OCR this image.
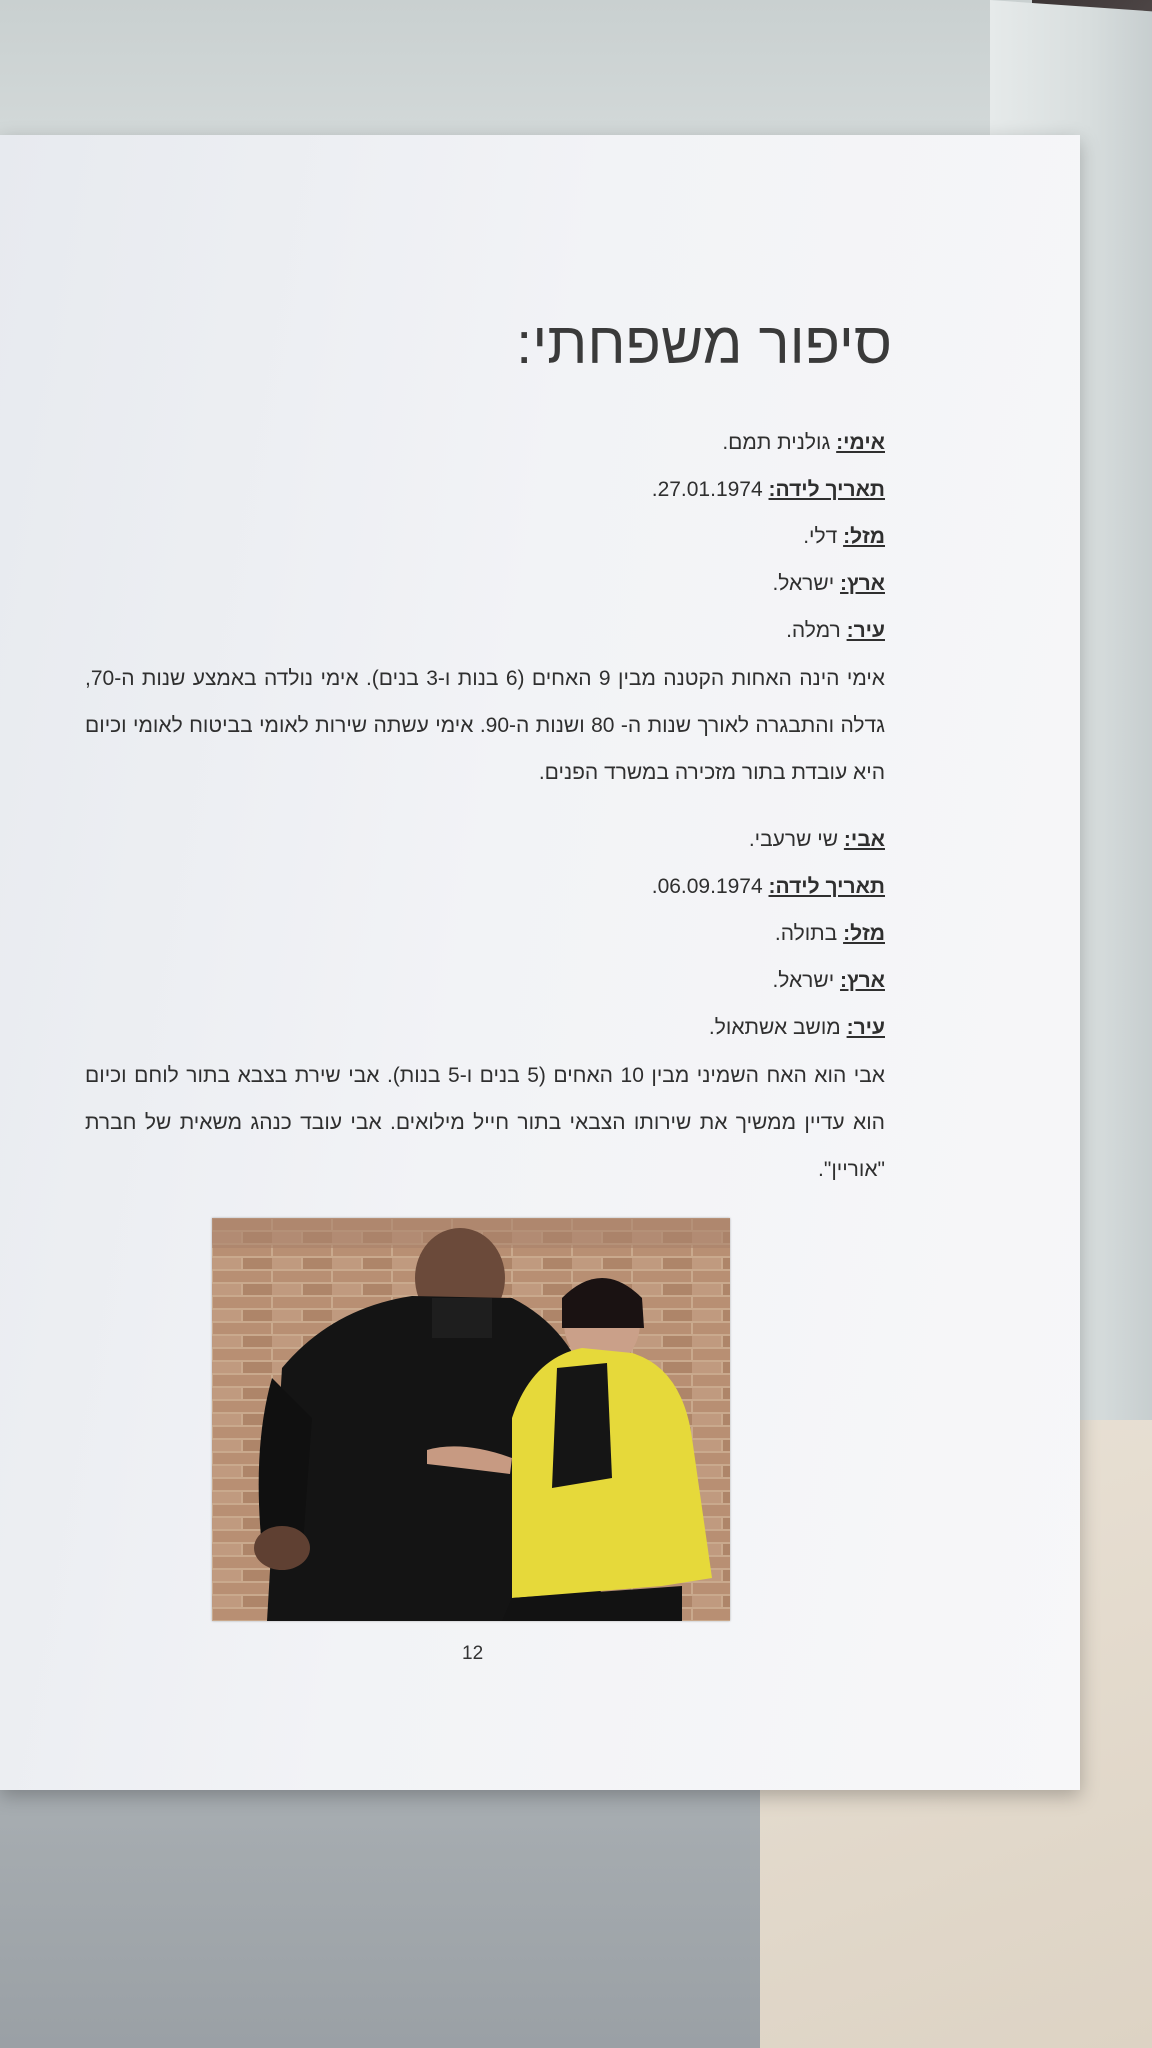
סיפור משפחתי:

אימי: גולנית תמם.

תאריך לידה: 27.01.1974.

מזל: דלי.

ארץ: ישראל.

עיר: רמלה.

אימי הינה האחות הקטנה מבין 9 האחים (6 בנות ו-3 בנים). אימי נולדה באמצע שנות ה-70, גדלה והתבגרה לאורך שנות ה- 80 ושנות ה-90. אימי עשתה שירות לאומי בביטוח לאומי וכיום היא עובדת בתור מזכירה במשרד הפנים.

אבי: שי שרעבי.

תאריך לידה: 06.09.1974.

מזל: בתולה.

ארץ: ישראל.

עיר: מושב אשתאול.

אבי הוא האח השמיני מבין 10 האחים (5 בנים ו-5 בנות). אבי שירת בצבא בתור לוחם וכיום הוא עדיין ממשיך את שירותו הצבאי בתור חייל מילואים. אבי עובד כנהג משאית של חברת "אוריין".

12
